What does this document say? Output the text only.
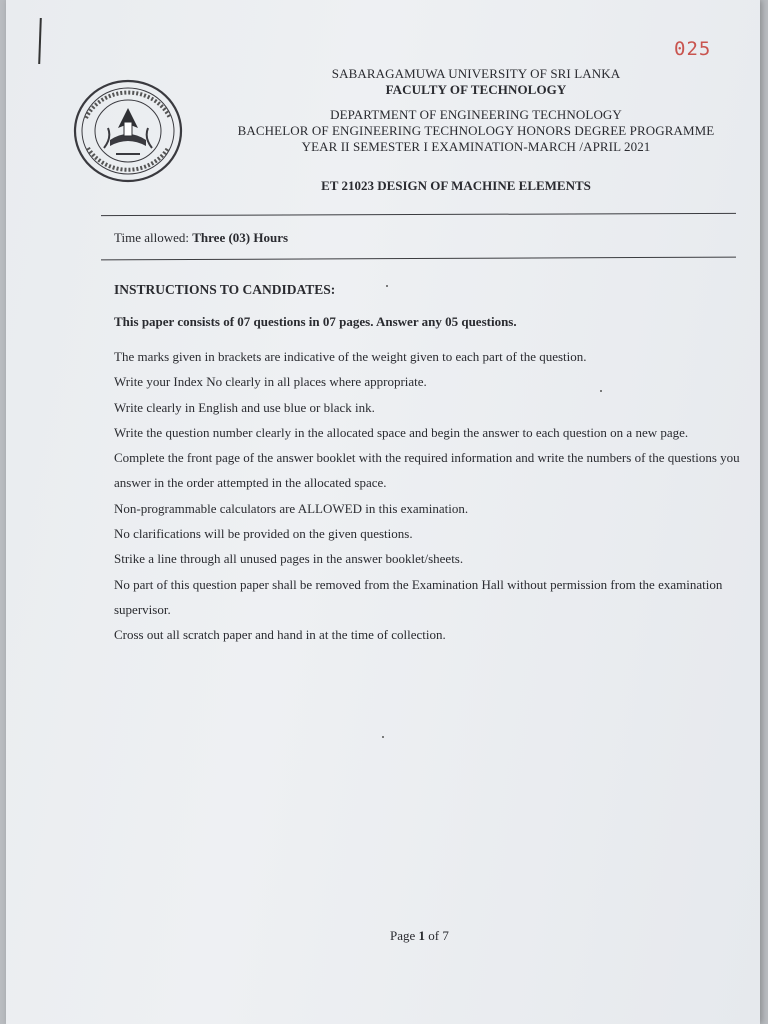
025
SABARAGAMUWA UNIVERSITY OF SRI LANKA
FACULTY OF TECHNOLOGY
DEPARTMENT OF ENGINEERING TECHNOLOGY
BACHELOR OF ENGINEERING TECHNOLOGY HONORS DEGREE PROGRAMME
YEAR II SEMESTER I EXAMINATION-MARCH /APRIL 2021
ET 21023 DESIGN OF MACHINE ELEMENTS
Time allowed: Three (03) Hours
INSTRUCTIONS TO CANDIDATES:
This paper consists of 07 questions in 07 pages. Answer any 05 questions.

The marks given in brackets are indicative of the weight given to each part of the question.

Write your Index No clearly in all places where appropriate.

Write clearly in English and use blue or black ink.

Write the question number clearly in the allocated space and begin the answer to each question on a new page.

Complete the front page of the answer booklet with the required information and write the numbers of the questions you answer in the order attempted in the allocated space.

Non-programmable calculators are ALLOWED in this examination.

No clarifications will be provided on the given questions.

Strike a line through all unused pages in the answer booklet/sheets.

No part of this question paper shall be removed from the Examination Hall without permission from the examination supervisor.

Cross out all scratch paper and hand in at the time of collection.

Page 1 of 7
